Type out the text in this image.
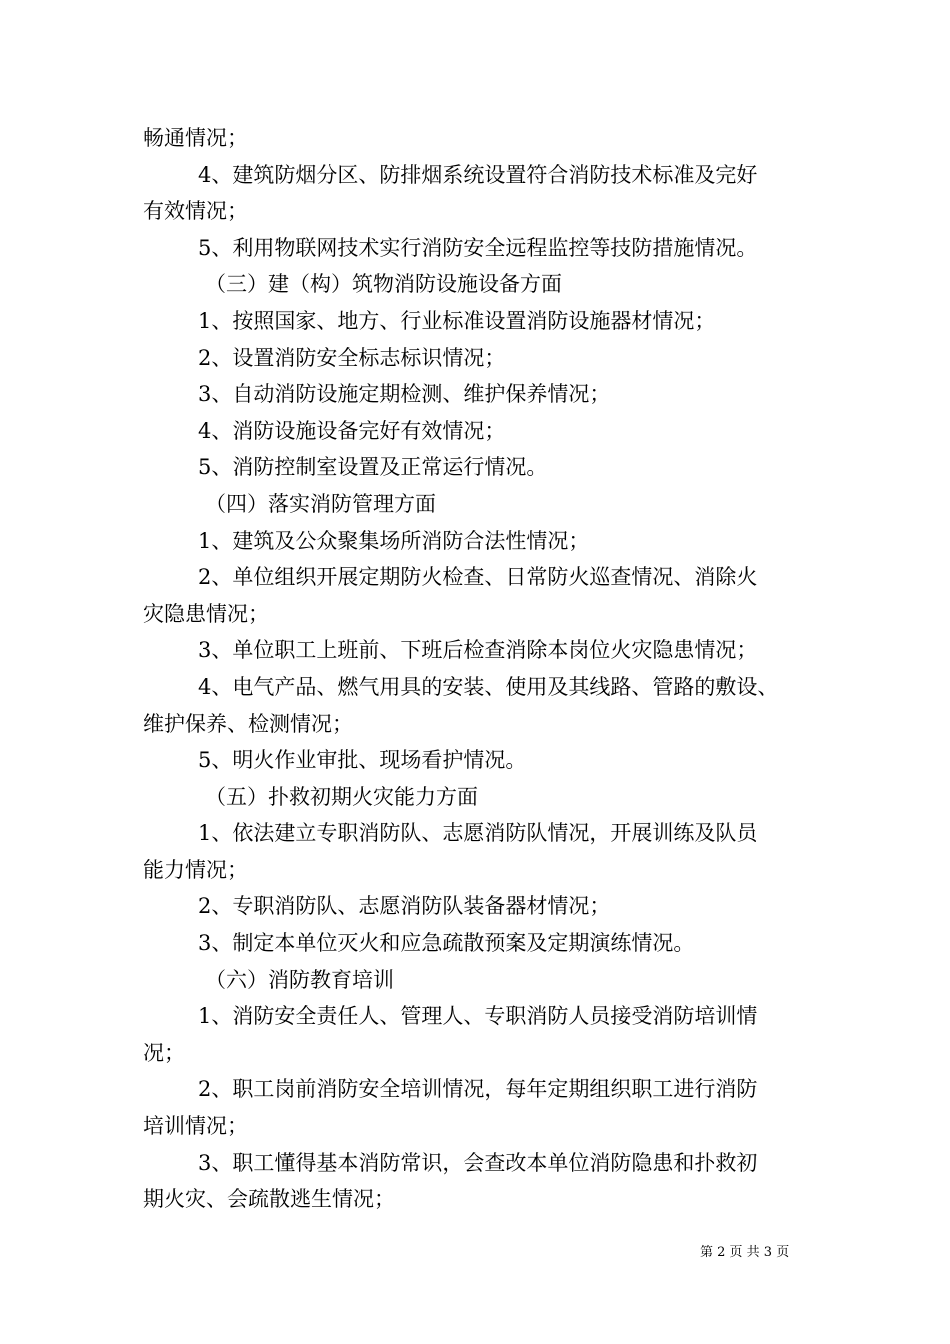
畅通情况；
4、建筑防烟分区、防排烟系统设置符合消防技术标准及完好
有效情况；
5、利用物联网技术实行消防安全远程监控等技防措施情况。
（三）建（构）筑物消防设施设备方面
1、按照国家、地方、行业标准设置消防设施器材情况；
2、设置消防安全标志标识情况；
3、自动消防设施定期检测、维护保养情况；
4、消防设施设备完好有效情况；
5、消防控制室设置及正常运行情况。
（四）落实消防管理方面
1、建筑及公众聚集场所消防合法性情况；
2、单位组织开展定期防火检查、日常防火巡查情况、消除火
灾隐患情况；
3、单位职工上班前、下班后检查消除本岗位火灾隐患情况；
4、电气产品、燃气用具的安装、使用及其线路、管路的敷设、
维护保养、检测情况；
5、明火作业审批、现场看护情况。
（五）扑救初期火灾能力方面
1、依法建立专职消防队、志愿消防队情况，开展训练及队员
能力情况；
2、专职消防队、志愿消防队装备器材情况；
3、制定本单位灭火和应急疏散预案及定期演练情况。
（六）消防教育培训
1、消防安全责任人、管理人、专职消防人员接受消防培训情
况；
2、职工岗前消防安全培训情况，每年定期组织职工进行消防
培训情况；
3、职工懂得基本消防常识，会查改本单位消防隐患和扑救初
期火灾、会疏散逃生情况；
第 2 页 共 3 页
